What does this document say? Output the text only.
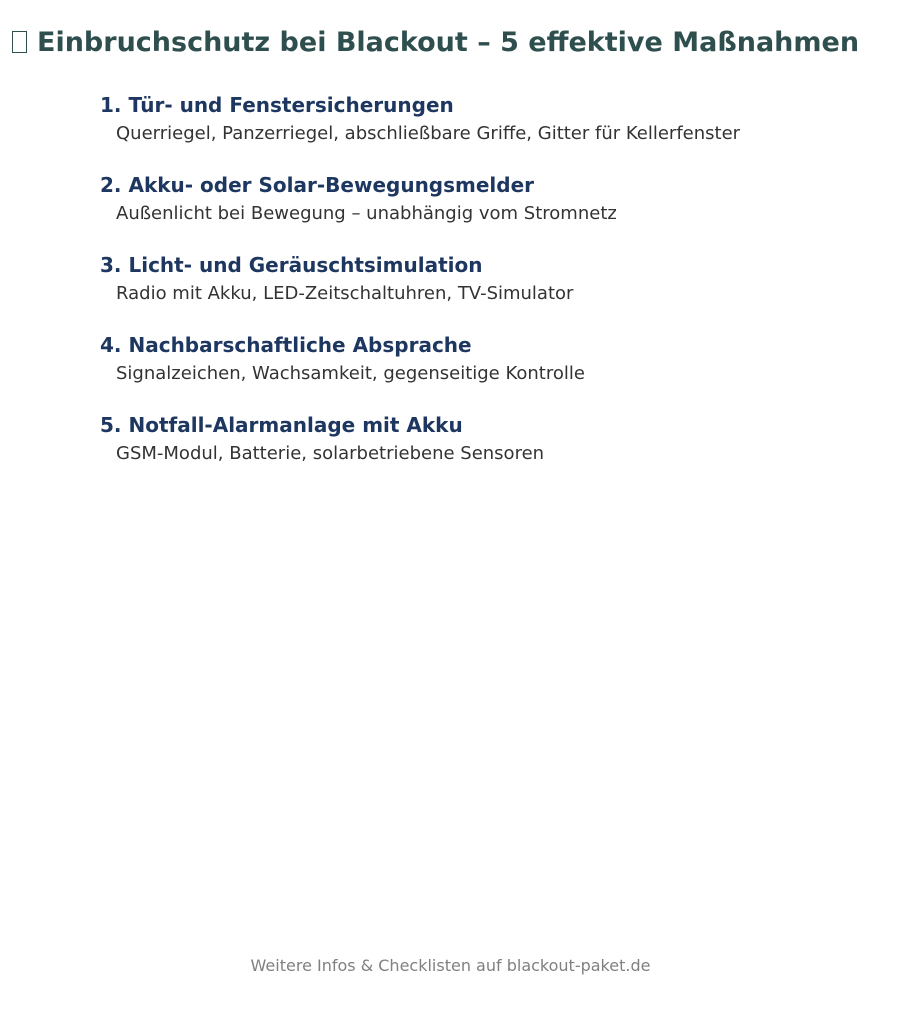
Einbruchschutz bei Blackout – 5 effektive Maßnahmen
1. Tür- und Fenstersicherungen
Querriegel, Panzerriegel, abschließbare Griffe, Gitter für Kellerfenster
2. Akku- oder Solar-Bewegungsmelder
Außenlicht bei Bewegung – unabhängig vom Stromnetz
3. Licht- und Geräuschtsimulation
Radio mit Akku, LED-Zeitschaltuhren, TV-Simulator
4. Nachbarschaftliche Absprache
Signalzeichen, Wachsamkeit, gegenseitige Kontrolle
5. Notfall-Alarmanlage mit Akku
GSM-Modul, Batterie, solarbetriebene Sensoren
Weitere Infos & Checklisten auf blackout-paket.de
